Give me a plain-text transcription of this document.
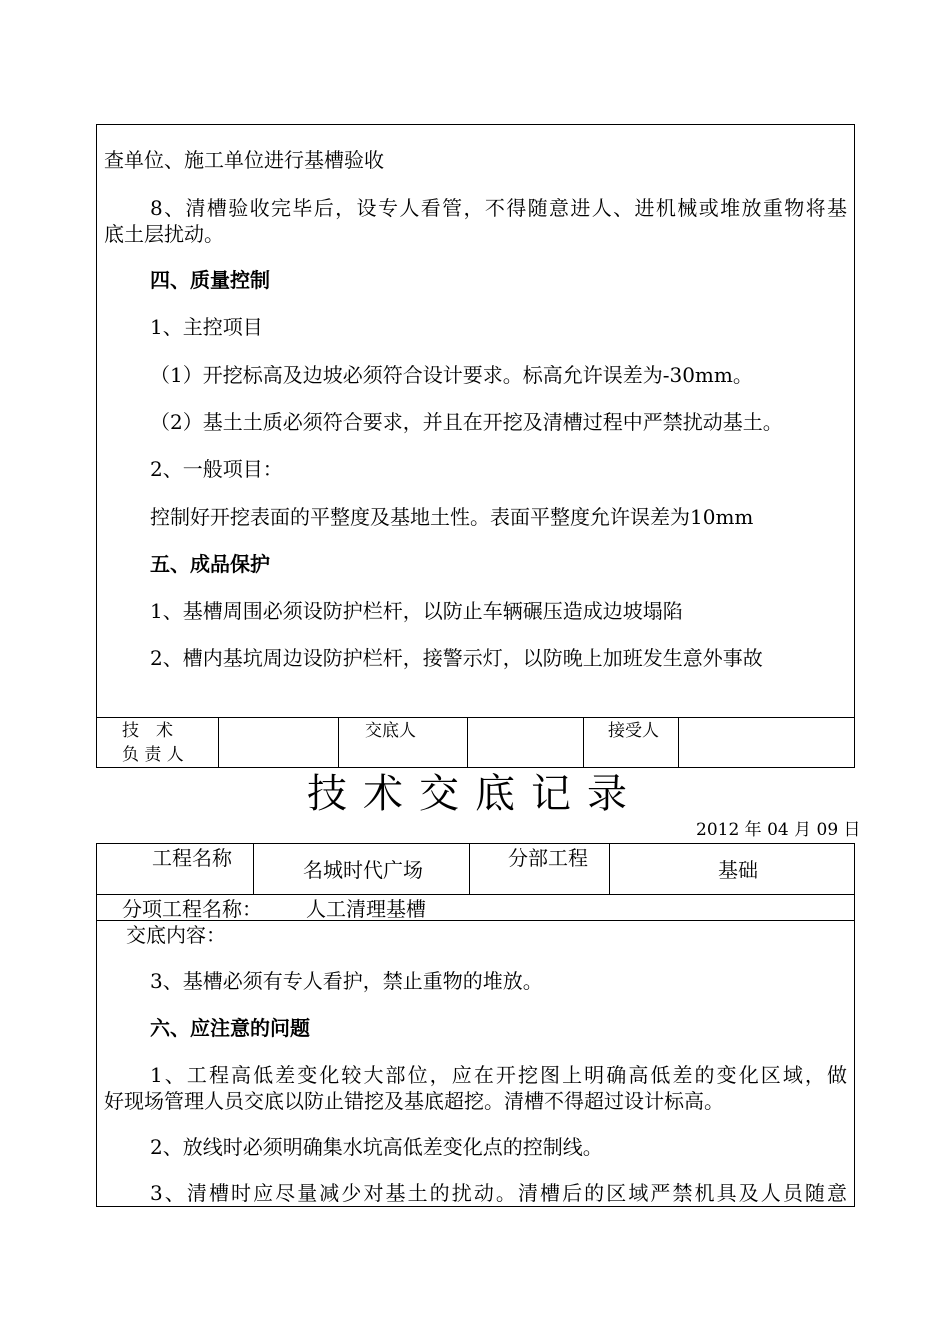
查单位、施工单位进行基槽验收
8、清槽验收完毕后，设专人看管，不得随意进人、进机械或堆放重物将基
底土层扰动。
四、质量控制
1、主控项目
（1）开挖标高及边坡必须符合设计要求。标高允许误差为-30mm。
（2）基土土质必须符合要求，并且在开挖及清槽过程中严禁扰动基土。
2、一般项目：
控制好开挖表面的平整度及基地土性。表面平整度允许误差为10mm
五、成品保护
1、基槽周围必须设防护栏杆，以防止车辆碾压造成边坡塌陷
2、槽内基坑周边设防护栏杆，接警示灯，以防晚上加班发生意外事故
技　术
负 责 人
交底人	接受人
技术交底记录
2012 年 04 月 09 日
工程名称	名城时代广场	分部工程	基础
分项工程名称： 人工清理基槽
交底内容：
3、基槽必须有专人看护，禁止重物的堆放。
六、应注意的问题
1、工程高低差变化较大部位，应在开挖图上明确高低差的变化区域，做
好现场管理人员交底以防止错挖及基底超挖。清槽不得超过设计标高。
2、放线时必须明确集水坑高低差变化点的控制线。
3、清槽时应尽量减少对基土的扰动。清槽后的区域严禁机具及人员随意
